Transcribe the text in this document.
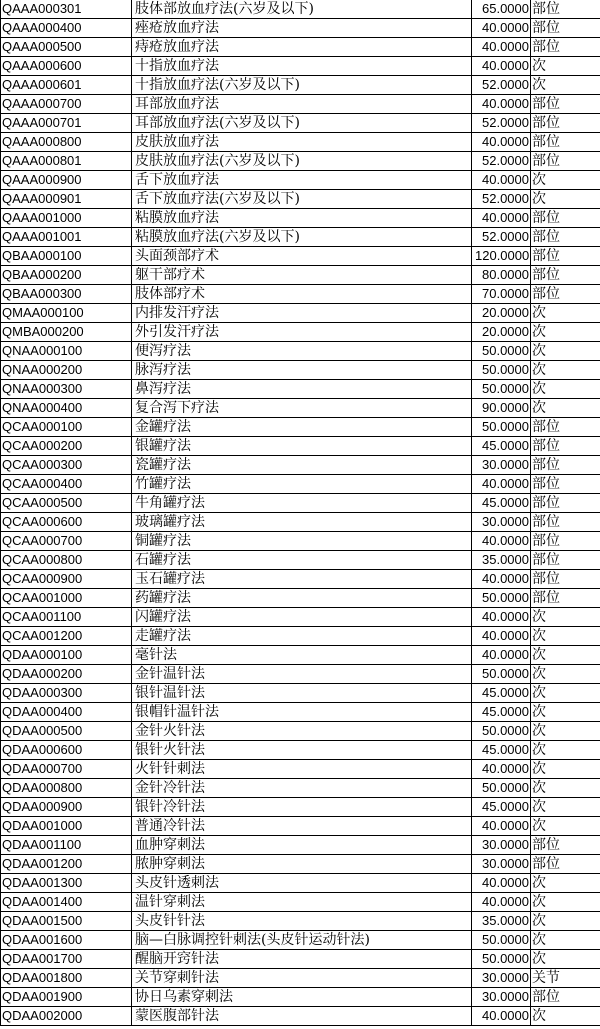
QAAA000301	肢体部放血疗法(六岁及以下)	65.0000	部位
QAAA000400	痤疮放血疗法	40.0000	部位
QAAA000500	痔疮放血疗法	40.0000	部位
QAAA000600	十指放血疗法	40.0000	次
QAAA000601	十指放血疗法(六岁及以下)	52.0000	次
QAAA000700	耳部放血疗法	40.0000	部位
QAAA000701	耳部放血疗法(六岁及以下)	52.0000	部位
QAAA000800	皮肤放血疗法	40.0000	部位
QAAA000801	皮肤放血疗法(六岁及以下)	52.0000	部位
QAAA000900	舌下放血疗法	40.0000	次
QAAA000901	舌下放血疗法(六岁及以下)	52.0000	次
QAAA001000	粘膜放血疗法	40.0000	部位
QAAA001001	粘膜放血疗法(六岁及以下)	52.0000	部位
QBAA000100	头面颈部疗术	120.0000	部位
QBAA000200	躯干部疗术	80.0000	部位
QBAA000300	肢体部疗术	70.0000	部位
QMAA000100	内排发汗疗法	20.0000	次
QMBA000200	外引发汗疗法	20.0000	次
QNAA000100	便泻疗法	50.0000	次
QNAA000200	脉泻疗法	50.0000	次
QNAA000300	鼻泻疗法	50.0000	次
QNAA000400	复合泻下疗法	90.0000	次
QCAA000100	金罐疗法	50.0000	部位
QCAA000200	银罐疗法	45.0000	部位
QCAA000300	瓷罐疗法	30.0000	部位
QCAA000400	竹罐疗法	40.0000	部位
QCAA000500	牛角罐疗法	45.0000	部位
QCAA000600	玻璃罐疗法	30.0000	部位
QCAA000700	铜罐疗法	40.0000	部位
QCAA000800	石罐疗法	35.0000	部位
QCAA000900	玉石罐疗法	40.0000	部位
QCAA001000	药罐疗法	50.0000	部位
QCAA001100	闪罐疗法	40.0000	次
QCAA001200	走罐疗法	40.0000	次
QDAA000100	毫针法	40.0000	次
QDAA000200	金针温针法	50.0000	次
QDAA000300	银针温针法	45.0000	次
QDAA000400	银帽针温针法	45.0000	次
QDAA000500	金针火针法	50.0000	次
QDAA000600	银针火针法	45.0000	次
QDAA000700	火针针刺法	40.0000	次
QDAA000800	金针冷针法	50.0000	次
QDAA000900	银针冷针法	45.0000	次
QDAA001000	普通冷针法	40.0000	次
QDAA001100	血肿穿刺法	30.0000	部位
QDAA001200	脓肿穿刺法	30.0000	部位
QDAA001300	头皮针透刺法	40.0000	次
QDAA001400	温针穿刺法	40.0000	次
QDAA001500	头皮针针法	35.0000	次
QDAA001600	脑—白脉调控针刺法(头皮针运动针法)	50.0000	次
QDAA001700	醒脑开窍针法	50.0000	次
QDAA001800	关节穿刺针法	30.0000	关节
QDAA001900	协日乌素穿刺法	30.0000	部位
QDAA002000	蒙医腹部针法	40.0000	次
